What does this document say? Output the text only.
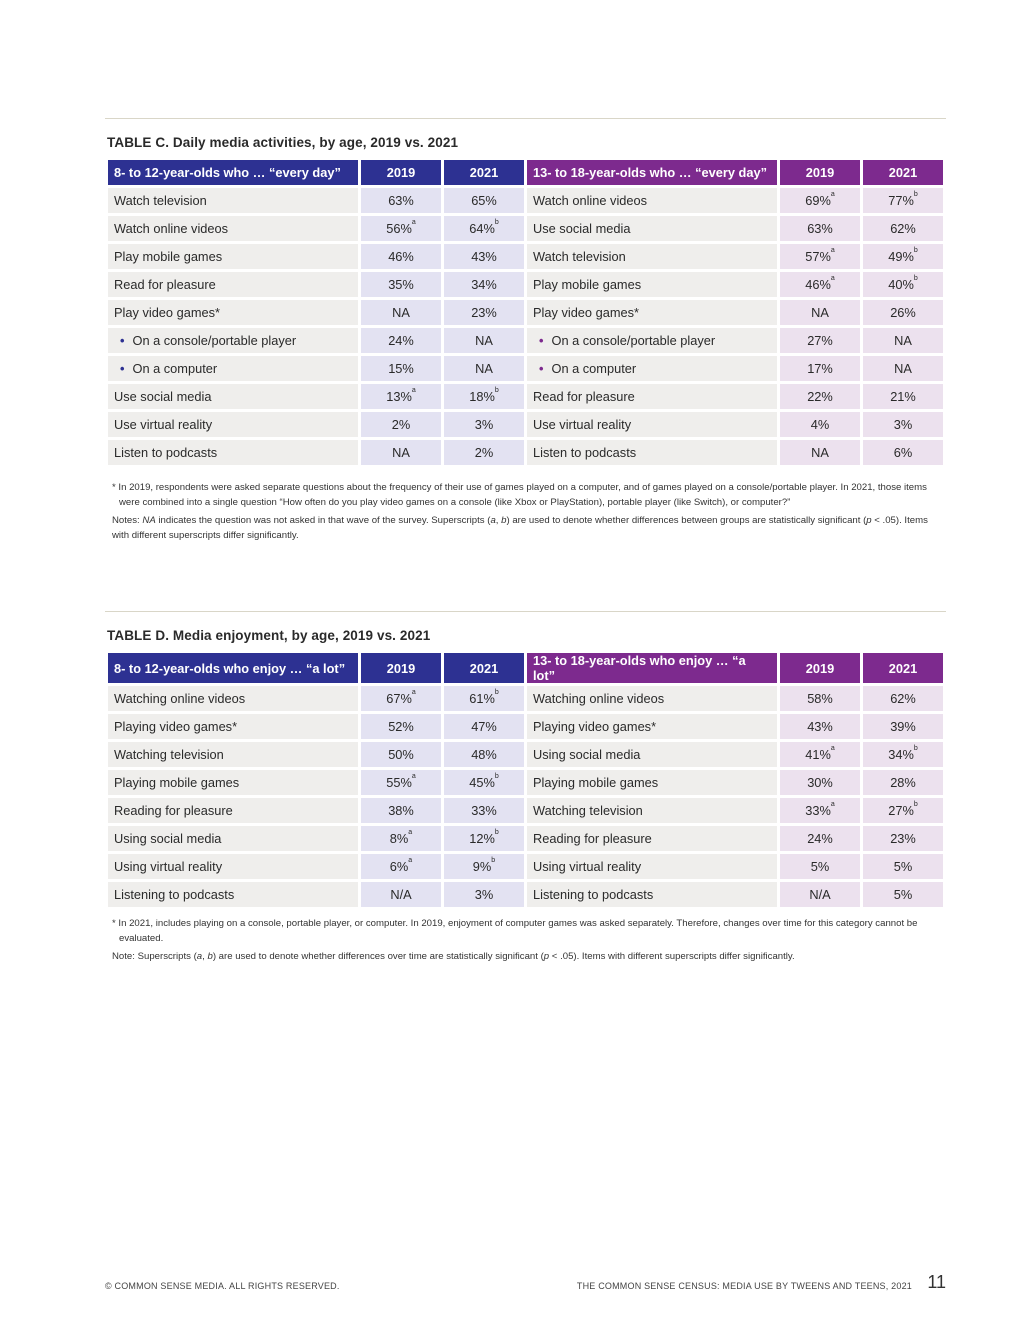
TABLE C. Daily media activities, by age, 2019 vs. 2021
8- to 12-year-olds who … “every day”	2019	2021	13- to 18-year-olds who … “every day”	2019	2021
Watch television	63%	65%	Watch online videos	69%$^a$	77%$^b$
Watch online videos	56%$^a$	64%$^b$	Use social media	63%	62%
Play mobile games	46%	43%	Watch television	57%$^a$	49%$^b$
Read for pleasure	35%	34%	Play mobile games	46%$^a$	40%$^b$
Play video games*	NA	23%	Play video games*	NA	26%
• On a console/portable player	24%	NA	• On a console/portable player	27%	NA
• On a computer	15%	NA	• On a computer	17%	NA
Use social media	13%$^a$	18%$^b$	Read for pleasure	22%	21%
Use virtual reality	2%	3%	Use virtual reality	4%	3%
Listen to podcasts	NA	2%	Listen to podcasts	NA	6%
* In 2019, respondents were asked separate questions about the frequency of their use of games played on a computer, and of games played on a console/portable player. In 2021, those items were combined into a single question “How often do you play video games on a console (like Xbox or PlayStation), portable player (like Switch), or computer?”
Notes: NA indicates the question was not asked in that wave of the survey. Superscripts (a, b) are used to denote whether differences between groups are statistically significant (p < .05). Items with different superscripts differ significantly.
TABLE D. Media enjoyment, by age, 2019 vs. 2021
8- to 12-year-olds who enjoy … “a lot”	2019	2021	13- to 18-year-olds who enjoy … “a lot”	2019	2021
Watching online videos	67%$^a$	61%$^b$	Watching online videos	58%	62%
Playing video games*	52%	47%	Playing video games*	43%	39%
Watching television	50%	48%	Using social media	41%$^a$	34%$^b$
Playing mobile games	55%$^a$	45%$^b$	Playing mobile games	30%	28%
Reading for pleasure	38%	33%	Watching television	33%$^a$	27%$^b$
Using social media	8%$^a$	12%$^b$	Reading for pleasure	24%	23%
Using virtual reality	6%$^a$	9%$^b$	Using virtual reality	5%	5%
Listening to podcasts	N/A	3%	Listening to podcasts	N/A	5%
* In 2021, includes playing on a console, portable player, or computer. In 2019, enjoyment of computer games was asked separately. Therefore, changes over time for this category cannot be evaluated.
Note: Superscripts (a, b) are used to denote whether differences over time are statistically significant (p < .05). Items with different superscripts differ significantly.
© COMMON SENSE MEDIA. ALL RIGHTS RESERVED.	THE COMMON SENSE CENSUS: MEDIA USE BY TWEENS AND TEENS, 2021 11
